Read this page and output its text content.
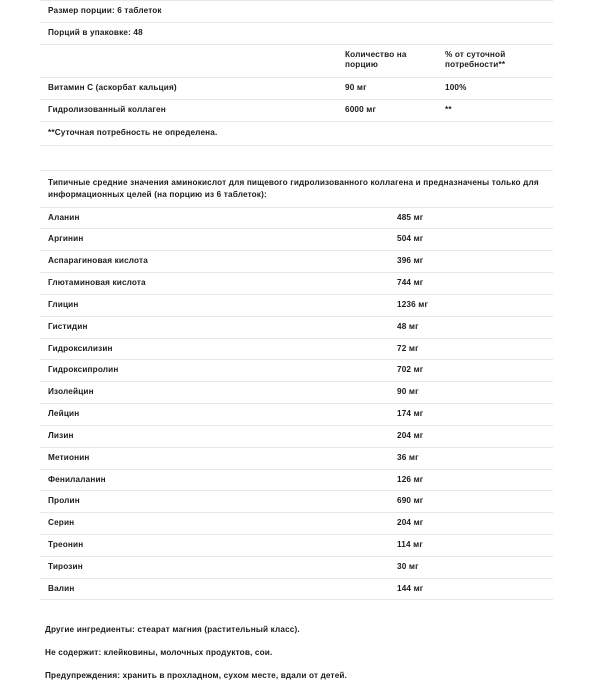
Размер порции: 6 таблеток		
Порций в упаковке: 48		
	Количество на порцию	% от суточной потребности**
Витамин С (аскорбат кальция)	90 мг	100%
Гидролизованный коллаген	6000 мг	**
**Суточная потребность не определена.		
Типичные средние значения аминокислот для пищевого гидролизованного коллагена и предназначены только для информационных целей (на порцию из 6 таблеток):	
Аланин	485 мг
Аргинин	504 мг
Аспарагиновая кислота	396 мг
Глютаминовая кислота	744 мг
Глицин	1236 мг
Гистидин	48 мг
Гидроксилизин	72 мг
Гидроксипролин	702 мг
Изолейцин	90 мг
Лейцин	174 мг
Лизин	204 мг
Метионин	36 мг
Фенилаланин	126 мг
Пролин	690 мг
Серин	204 мг
Треонин	114 мг
Тирозин	30 мг
Валин	144 мг

Другие ингредиенты: стеарат магния (растительный класс).

Не содержит: клейковины, молочных продуктов, сои.

Предупреждения: хранить в прохладном, сухом месте, вдали от детей.
